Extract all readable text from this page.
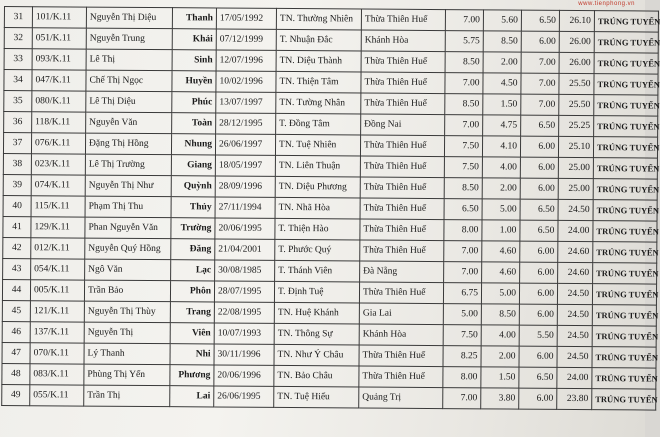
www.tienphong.vn
31	101/K.11	Nguyễn Thị Diệu	Thanh	17/05/1992	TN. Thường Nhiên	Thừa Thiên Huế	7.00	5.60	6.50	26.10	TRÚNG TUYỂN
32	051/K.11	Nguyễn Trung	Khải	07/12/1999	T. Nhuận Đắc	Khánh Hòa	5.75	8.50	6.00	26.00	TRÚNG TUYỂN
33	093/K.11	Lê Thị	Sinh	12/07/1996	TN. Diệu Thành	Thừa Thiên Huế	8.50	2.00	7.00	26.00	TRÚNG TUYỂN
34	047/K.11	Chế Thị Ngọc	Huyền	10/02/1996	TN. Thiện Tâm	Thừa Thiên Huế	7.00	4.50	7.00	25.50	TRÚNG TUYỂN
35	080/K.11	Lê Thị Diệu	Phúc	13/07/1997	TN. Tường Nhân	Thừa Thiên Huế	8.50	1.50	7.00	25.50	TRÚNG TUYỂN
36	118/K.11	Nguyễn Văn	Toàn	28/12/1995	T. Đồng Tâm	Đồng Nai	7.00	4.75	6.50	25.25	TRÚNG TUYỂN
37	076/K.11	Đặng Thị Hồng	Nhung	26/06/1997	TN. Tuệ Nhiên	Thừa Thiên Huế	7.50	4.10	6.00	25.10	TRÚNG TUYỂN
38	023/K.11	Lê Thị Trường	Giang	18/05/1997	TN. Liên Thuận	Thừa Thiên Huế	7.50	4.00	6.00	25.00	TRÚNG TUYỂN
39	074/K.11	Nguyễn Thị Như	Quỳnh	28/09/1996	TN. Diệu Phương	Thừa Thiên Huế	8.50	2.00	6.00	25.00	TRÚNG TUYỂN
40	115/K.11	Phạm Thị Thu	Thủy	27/11/1994	TN. Nhã Hòa	Thừa Thiên Huế	6.50	5.00	6.50	24.50	TRÚNG TUYỂN
41	129/K.11	Phan Nguyễn Văn	Trường	20/06/1995	T. Thiện Hào	Thừa Thiên Huế	8.00	1.00	6.50	24.00	TRÚNG TUYỂN
42	012/K.11	Nguyễn Quý Hồng	Đăng	21/04/2001	T. Phước Quý	Thừa Thiên Huế	7.00	4.60	6.00	24.60	TRÚNG TUYỂN
43	054/K.11	Ngô Văn	Lạc	30/08/1985	T. Thánh Viên	Đà Nẵng	7.00	4.60	6.00	24.60	TRÚNG TUYỂN
44	005/K.11	Trần Bảo	Phôn	28/07/1995	T. Định Tuệ	Thừa Thiên Huế	6.75	5.00	6.00	24.50	TRÚNG TUYỂN
45	121/K.11	Nguyễn Thị Thùy	Trang	22/08/1995	TN. Huệ Khánh	Gia Lai	5.00	8.50	6.00	24.50	TRÚNG TUYỂN
46	137/K.11	Nguyễn Thị	Viên	10/07/1993	TN. Thông Sự	Khánh Hòa	7.50	4.00	5.50	24.50	TRÚNG TUYỂN
47	070/K.11	Lý Thanh	Nhi	30/11/1996	TN. Như Ý Châu	Thừa Thiên Huế	8.25	2.00	6.00	24.50	TRÚNG TUYỂN
48	083/K.11	Phùng Thị Yến	Phương	20/06/1996	TN. Bảo Châu	Thừa Thiên Huế	8.00	1.50	6.50	24.00	TRÚNG TUYỂN
49	055/K.11	Trần Thị	Lai	26/06/1995	TN. Tuệ Hiếu	Quảng Trị	7.00	3.80	6.00	23.80	TRÚNG TUYỂN
